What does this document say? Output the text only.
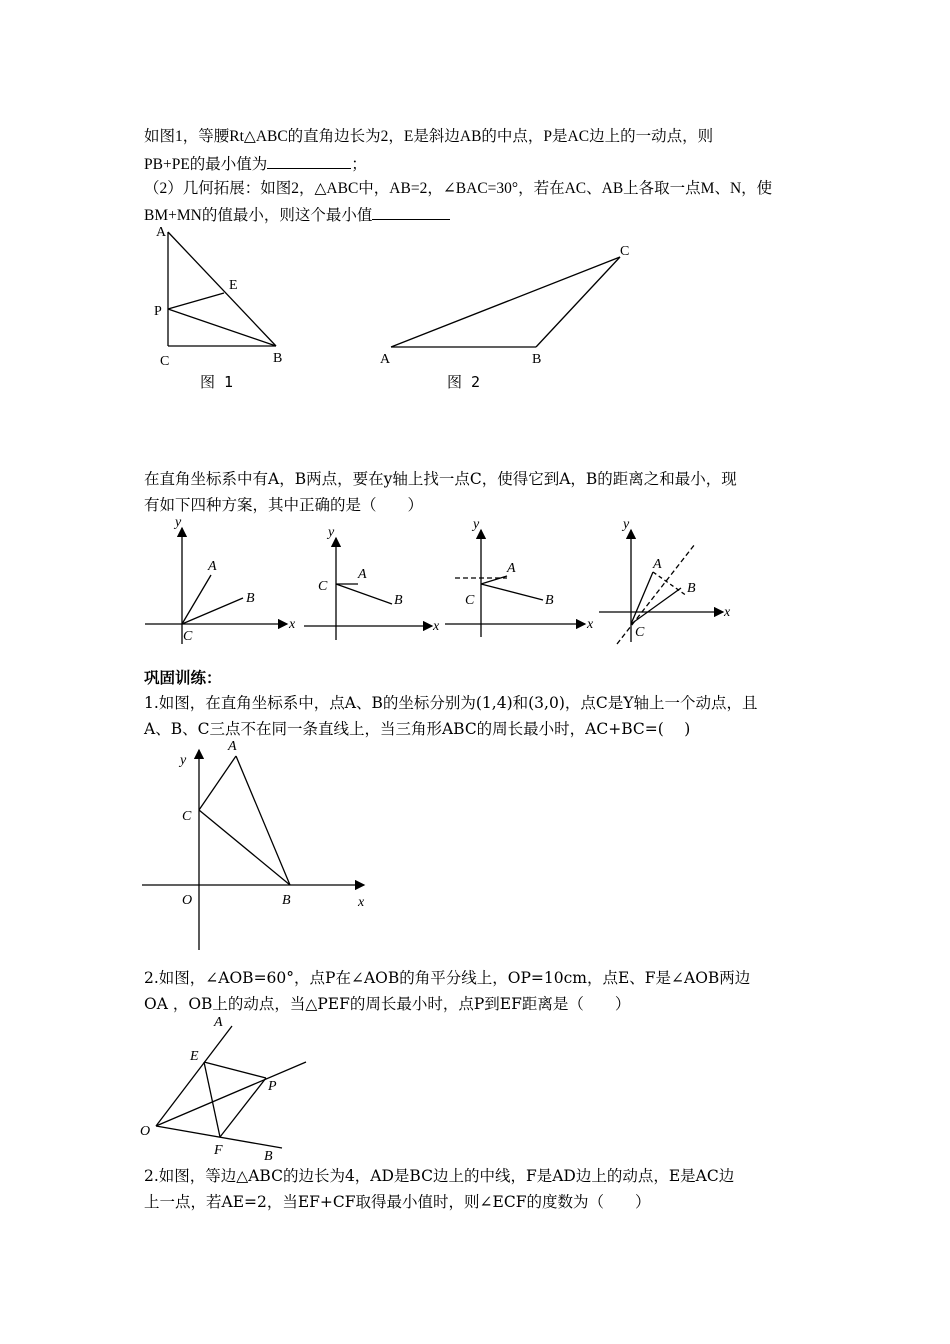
如图1，等腰Rt△ABC的直角边长为2，E是斜边AB的中点，P是AC边上的一动点，则

PB+PE的最小值为	；

（2）几何拓展：如图2，△ABC中，AB=2，∠BAC=30°，若在AC、AB上各取一点M、N，使

BM+MN的值最小，则这个最小值

A
E
P
C	B
图 1
C
A	B
图 2

在直角坐标系中有A，B两点，要在y轴上找一点C，使得它到A，B的距离之和最小，现

有如下四种方案，其中正确的是（　　）

y
x
A
B
C
y
x
A
B
C
y
x
A
B
C
y
x
A
B
C

巩固训练：

1.如图，在直角坐标系中，点A、B的坐标分别为(1,4)和(3,0)，点C是Y轴上一个动点，且

A、B、C三点不在同一条直线上，当三角形ABC的周长最小时，AC+BC=(　 )

y
A
C
O	B	x

2.如图，∠AOB=60°，点P在∠AOB的角平分线上，OP=10cm，点E、F是∠AOB两边

OA ，OB上的动点，当△PEF的周长最小时，点P到EF距离是（　　）

A
E
P
O
F	B

2.如图，等边△ABC的边长为4，AD是BC边上的中线，F是AD边上的动点，E是AC边

上一点，若AE=2，当EF+CF取得最小值时，则∠ECF的度数为（　　）
